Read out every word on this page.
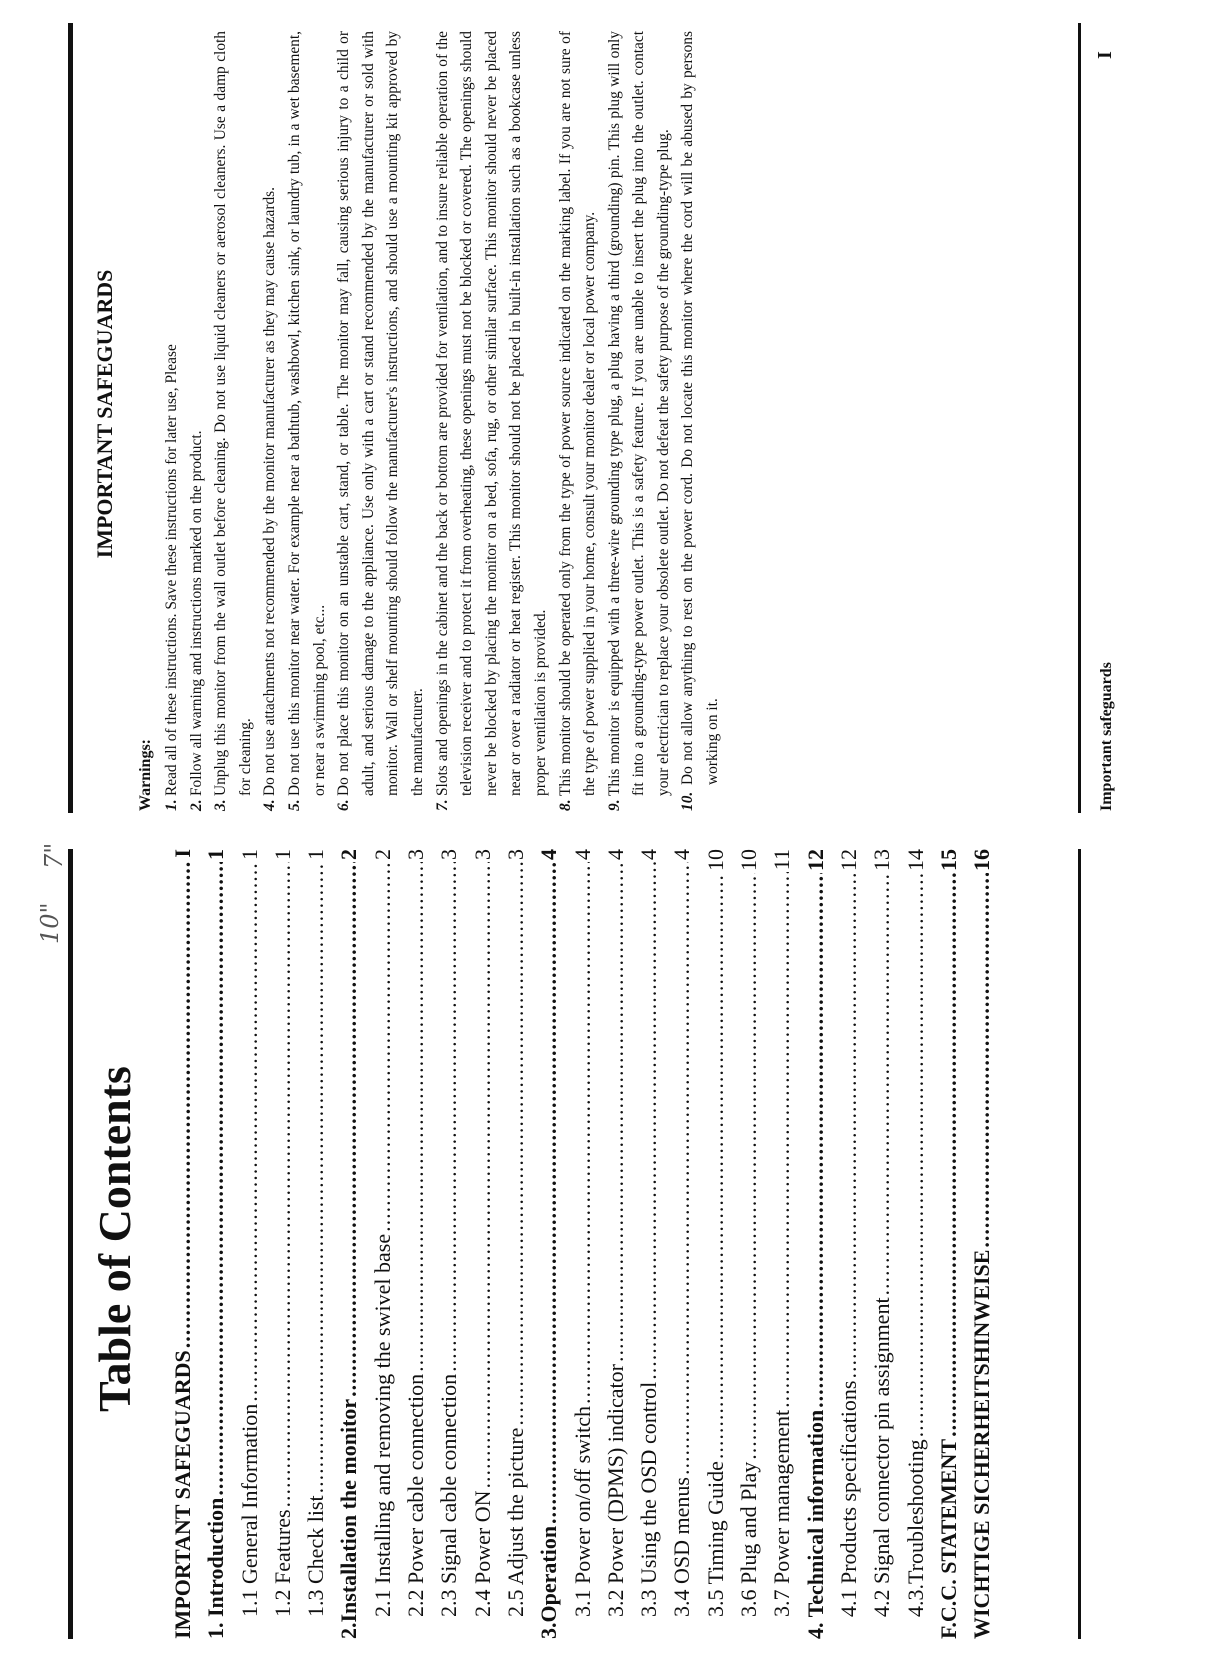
10"
7"
Table of Contents
IMPORTANT SAFEGUARDS
.....
I
1. Introduction
.....
1
1.1 General Information
.....
1
1.2 Features
.....
1
1.3 Check list
.....
1
2.Installation the monitor
.....
2
2.1 Installing and removing the swivel base
.....
2
2.2 Power cable connection
.....
3
2.3 Signal cable connection
.....
3
2.4 Power ON
.....
3
2.5 Adjust the picture
.....
3
3.Operation
.....
4
3.1 Power on/off switch
.....
4
3.2 Power (DPMS) indicator
.....
4
3.3 Using the OSD control
.....
4
3.4 OSD menus
.....
4
3.5 Timing Guide
.....
10
3.6 Plug and Play
.....
10
3.7 Power management
.....
11
4. Technical information
.....
12
4.1 Products specifications
.....
12
4.2 Signal connector pin assignment
.....
13
4.3.Troubleshooting
.....
14
F.C.C. STATEMENT
.....
15
WICHTIGE SICHERHEITSHINWEISE
.....
16
IMPORTANT SAFEGUARDS
Warnings: 1.
Read all of these instructions. Save these instructions for later use, Please
2.
Follow all warning and instructions marked on the product.
3.
Unplug this monitor from the wall outlet before cleaning. Do not use liquid cleaners or aerosol cleaners. Use a damp cloth for cleaning.
4.
Do not use attachments not recommended by the monitor manufacturer as they may cause hazards.
5.
Do not use this monitor near water. For example near a bathtub, washbowl, kitchen sink, or laundry tub, in a wet basement, or near a swimming pool, etc...
6.
Do not place this monitor on an unstable cart, stand, or table. The monitor may fall, causing serious injury to a child or adult, and serious damage to the appliance. Use only with a cart or stand recommended by the manufacturer or sold with monitor. Wall or shelf mounting should follow the manufacturer's instructions, and should use a mounting kit approved by the manufacturer.
7.
Slots and openings in the cabinet and the back or bottom are provided for ventilation, and to insure reliable operation of the television receiver and to protect it from overheating, these openings must not be blocked or covered. The openings should never be blocked by placing the monitor on a bed, sofa, rug, or other similar surface. This monitor should never be placed near or over a radiator or heat register. This monitor should not be placed in built-in installation such as a bookcase unless proper ventilation is provided.
8.
This monitor should be operated only from the type of power source indicated on the marking label. If you are not sure of the type of power supplied in your home, consult your monitor dealer or local power company.
9.
This monitor is equipped with a three-wire grounding type plug, a plug having a third (grounding) pin. This plug will only fit into a grounding-type power outlet. This is a safety feature. If you are unable to insert the plug into the outlet. contact your electrician to replace your obsolete outlet. Do not defeat the safety purpose of the grounding-type plug.
10.
Do not allow anything to rest on the power cord. Do not locate this monitor where the cord will be abused by persons working on it.	Important safeguards
I
